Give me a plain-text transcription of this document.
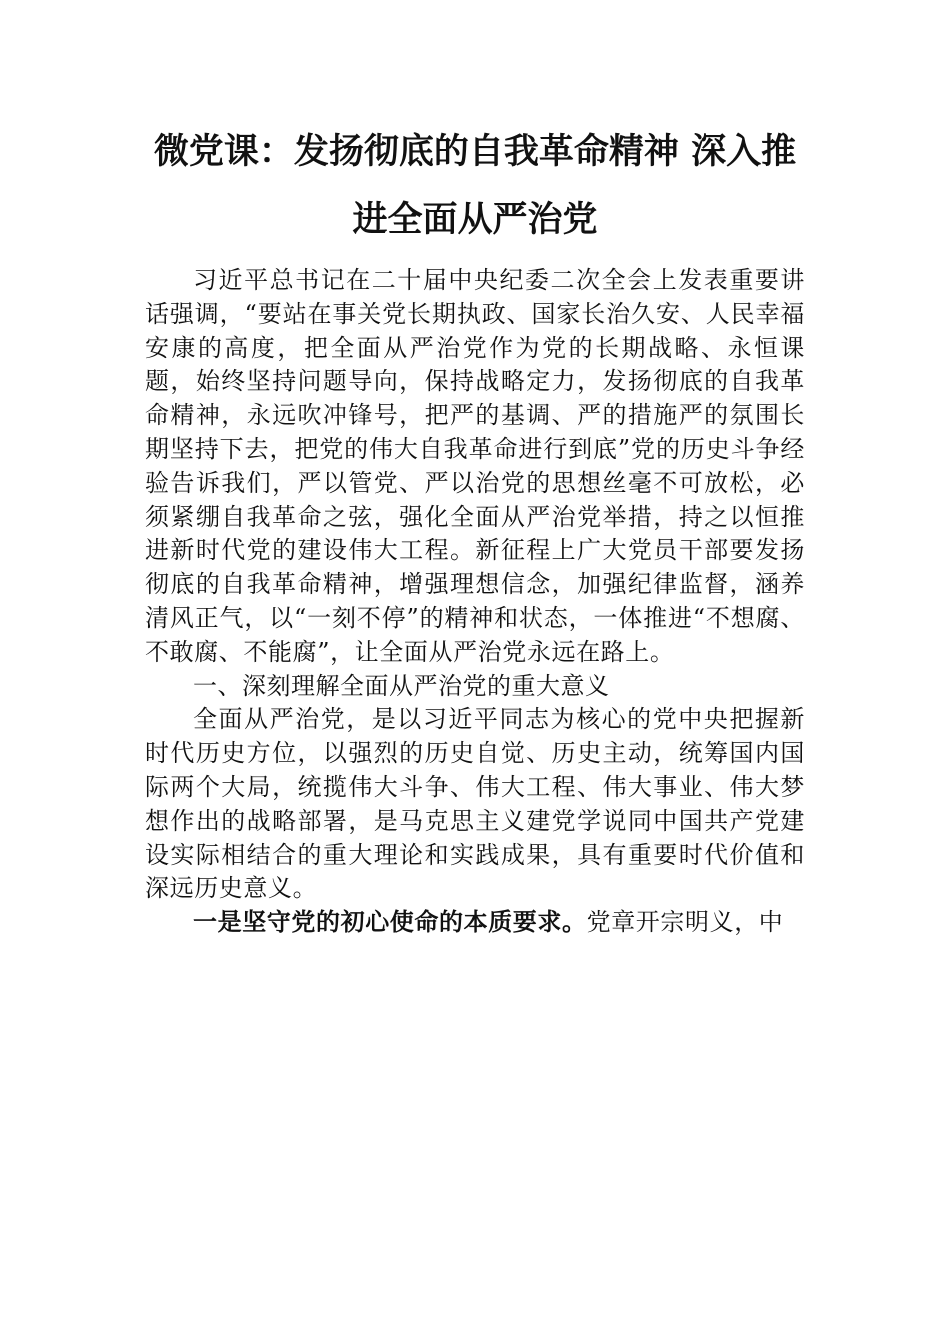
微党课：发扬彻底的自我革命精神 深入推进全面从严治党

习近平总书记在二十届中央纪委二次全会上发表重要讲话强调，“要站在事关党长期执政、国家长治久安、人民幸福安康的高度，把全面从严治党作为党的长期战略、永恒课题，始终坚持问题导向，保持战略定力，发扬彻底的自我革命精神，永远吹冲锋号，把严的基调、严的措施严的氛围长期坚持下去，把党的伟大自我革命进行到底”党的历史斗争经验告诉我们，严以管党、严以治党的思想丝毫不可放松，必须紧绷自我革命之弦，强化全面从严治党举措，持之以恒推进新时代党的建设伟大工程。新征程上广大党员干部要发扬彻底的自我革命精神，增强理想信念，加强纪律监督，涵养清风正气，以“一刻不停”的精神和状态，一体推进“不想腐、不敢腐、不能腐”，让全面从严治党永远在路上。

一、深刻理解全面从严治党的重大意义

全面从严治党，是以习近平同志为核心的党中央把握新时代历史方位，以强烈的历史自觉、历史主动，统筹国内国际两个大局，统揽伟大斗争、伟大工程、伟大事业、伟大梦想作出的战略部署，是马克思主义建党学说同中国共产党建设实际相结合的重大理论和实践成果，具有重要时代价值和深远历史意义。

一是坚守党的初心使命的本质要求。党章开宗明义，中
